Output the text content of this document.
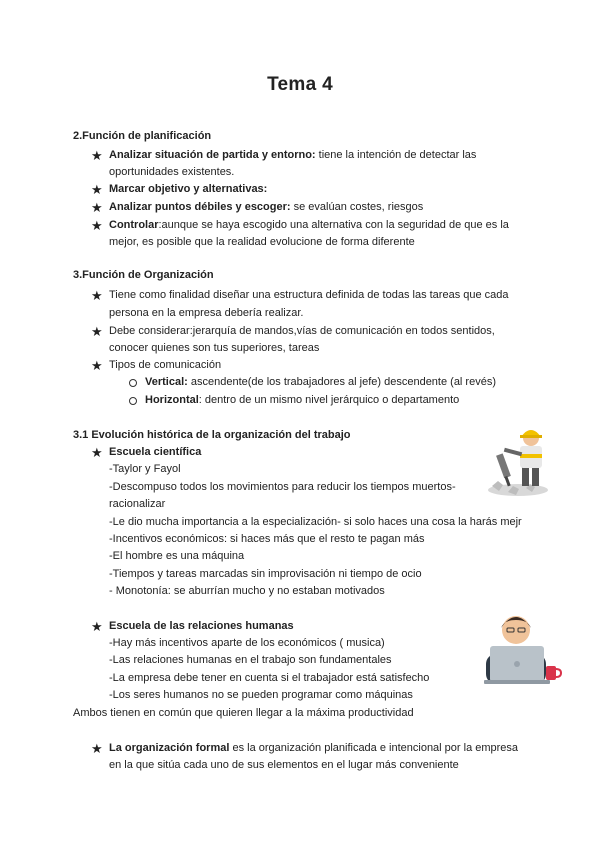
Tema 4
2.Función de planificación
★ Analizar situación de partida y entorno: tiene la intención de detectar las
oportunidades existentes.
★ Marcar objetivo y alternativas:
★ Analizar puntos débiles y escoger: se evalúan costes, riesgos
★ Controlar:aunque se haya escogido una alternativa con la seguridad de que es la
mejor, es posible que la realidad evolucione de forma diferente
3.Función de Organización
★ Tiene como finalidad diseñar una estructura definida de todas las tareas que cada
persona en la empresa debería realizar.
★ Debe considerar:jerarquía de mandos,vías de comunicación en todos sentidos,
conocer quienes son tus superiores, tareas
★ Tipos de comunicación
Vertical: ascendente(de los trabajadores al jefe) descendente (al revés)
Horizontal: dentro de un mismo nivel jerárquico o departamento
3.1 Evolución histórica de la organización del trabajo
★ Escuela científica
-Taylor y Fayol
-Descompuso todos los movimientos para reducir los tiempos muertos-
racionalizar
-Le dio mucha importancia a la especialización- si solo haces una cosa la harás mejr
-Incentivos económicos: si haces más que el resto te pagan más
-El hombre es una máquina
-Tiempos y tareas marcadas sin improvisación ni tiempo de ocio
- Monotonía: se aburrían mucho y no estaban motivados
★ Escuela de las relaciones humanas
-Hay más incentivos aparte de los económicos ( musica)
-Las relaciones humanas en el trabajo son fundamentales
-La empresa debe tener en cuenta si el trabajador está satisfecho
-Los seres humanos no se pueden programar como máquinas
Ambos tienen en común que quieren llegar a la máxima productividad
★ La organización formal es la organización planificada e intencional por la empresa
en la que sitúa cada uno de sus elementos en el lugar más conveniente
